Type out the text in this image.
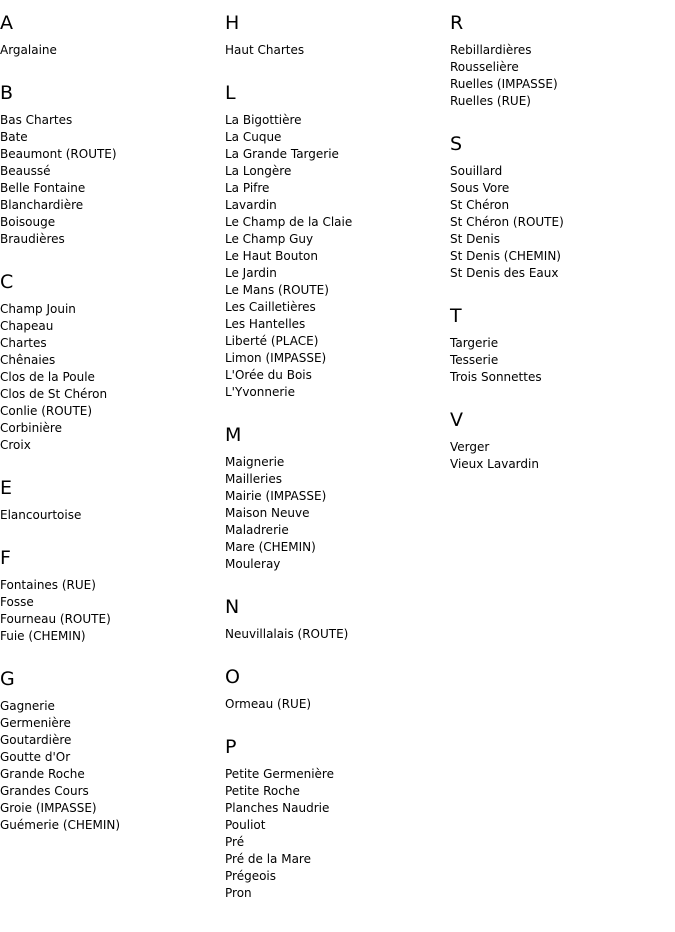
A
Argalaine
B
Bas Chartes
Bate
Beaumont (ROUTE)
Beaussé
Belle Fontaine
Blanchardière
Boisouge
Braudières
C
Champ Jouin
Chapeau
Chartes
Chênaies
Clos de la Poule
Clos de St Chéron
Conlie (ROUTE)
Corbinière
Croix
E
Elancourtoise
F
Fontaines (RUE)
Fosse
Fourneau (ROUTE)
Fuie (CHEMIN)
G
Gagnerie
Germenière
Goutardière
Goutte d'Or
Grande Roche
Grandes Cours
Groie (IMPASSE)
Guémerie (CHEMIN)
H
Haut Chartes
L
La Bigottière
La Cuque
La Grande Targerie
La Longère
La Pifre
Lavardin
Le Champ de la Claie
Le Champ Guy
Le Haut Bouton
Le Jardin
Le Mans (ROUTE)
Les Cailletières
Les Hantelles
Liberté (PLACE)
Limon (IMPASSE)
L'Orée du Bois
L'Yvonnerie
M
Maignerie
Mailleries
Mairie (IMPASSE)
Maison Neuve
Maladrerie
Mare (CHEMIN)
Mouleray
N
Neuvillalais (ROUTE)
O
Ormeau (RUE)
P
Petite Germenière
Petite Roche
Planches Naudrie
Pouliot
Pré
Pré de la Mare
Prégeois
Pron
R
Rebillardières
Rousselière
Ruelles (IMPASSE)
Ruelles (RUE)
S
Souillard
Sous Vore
St Chéron
St Chéron (ROUTE)
St Denis
St Denis (CHEMIN)
St Denis des Eaux
T
Targerie
Tesserie
Trois Sonnettes
V
Verger
Vieux Lavardin
